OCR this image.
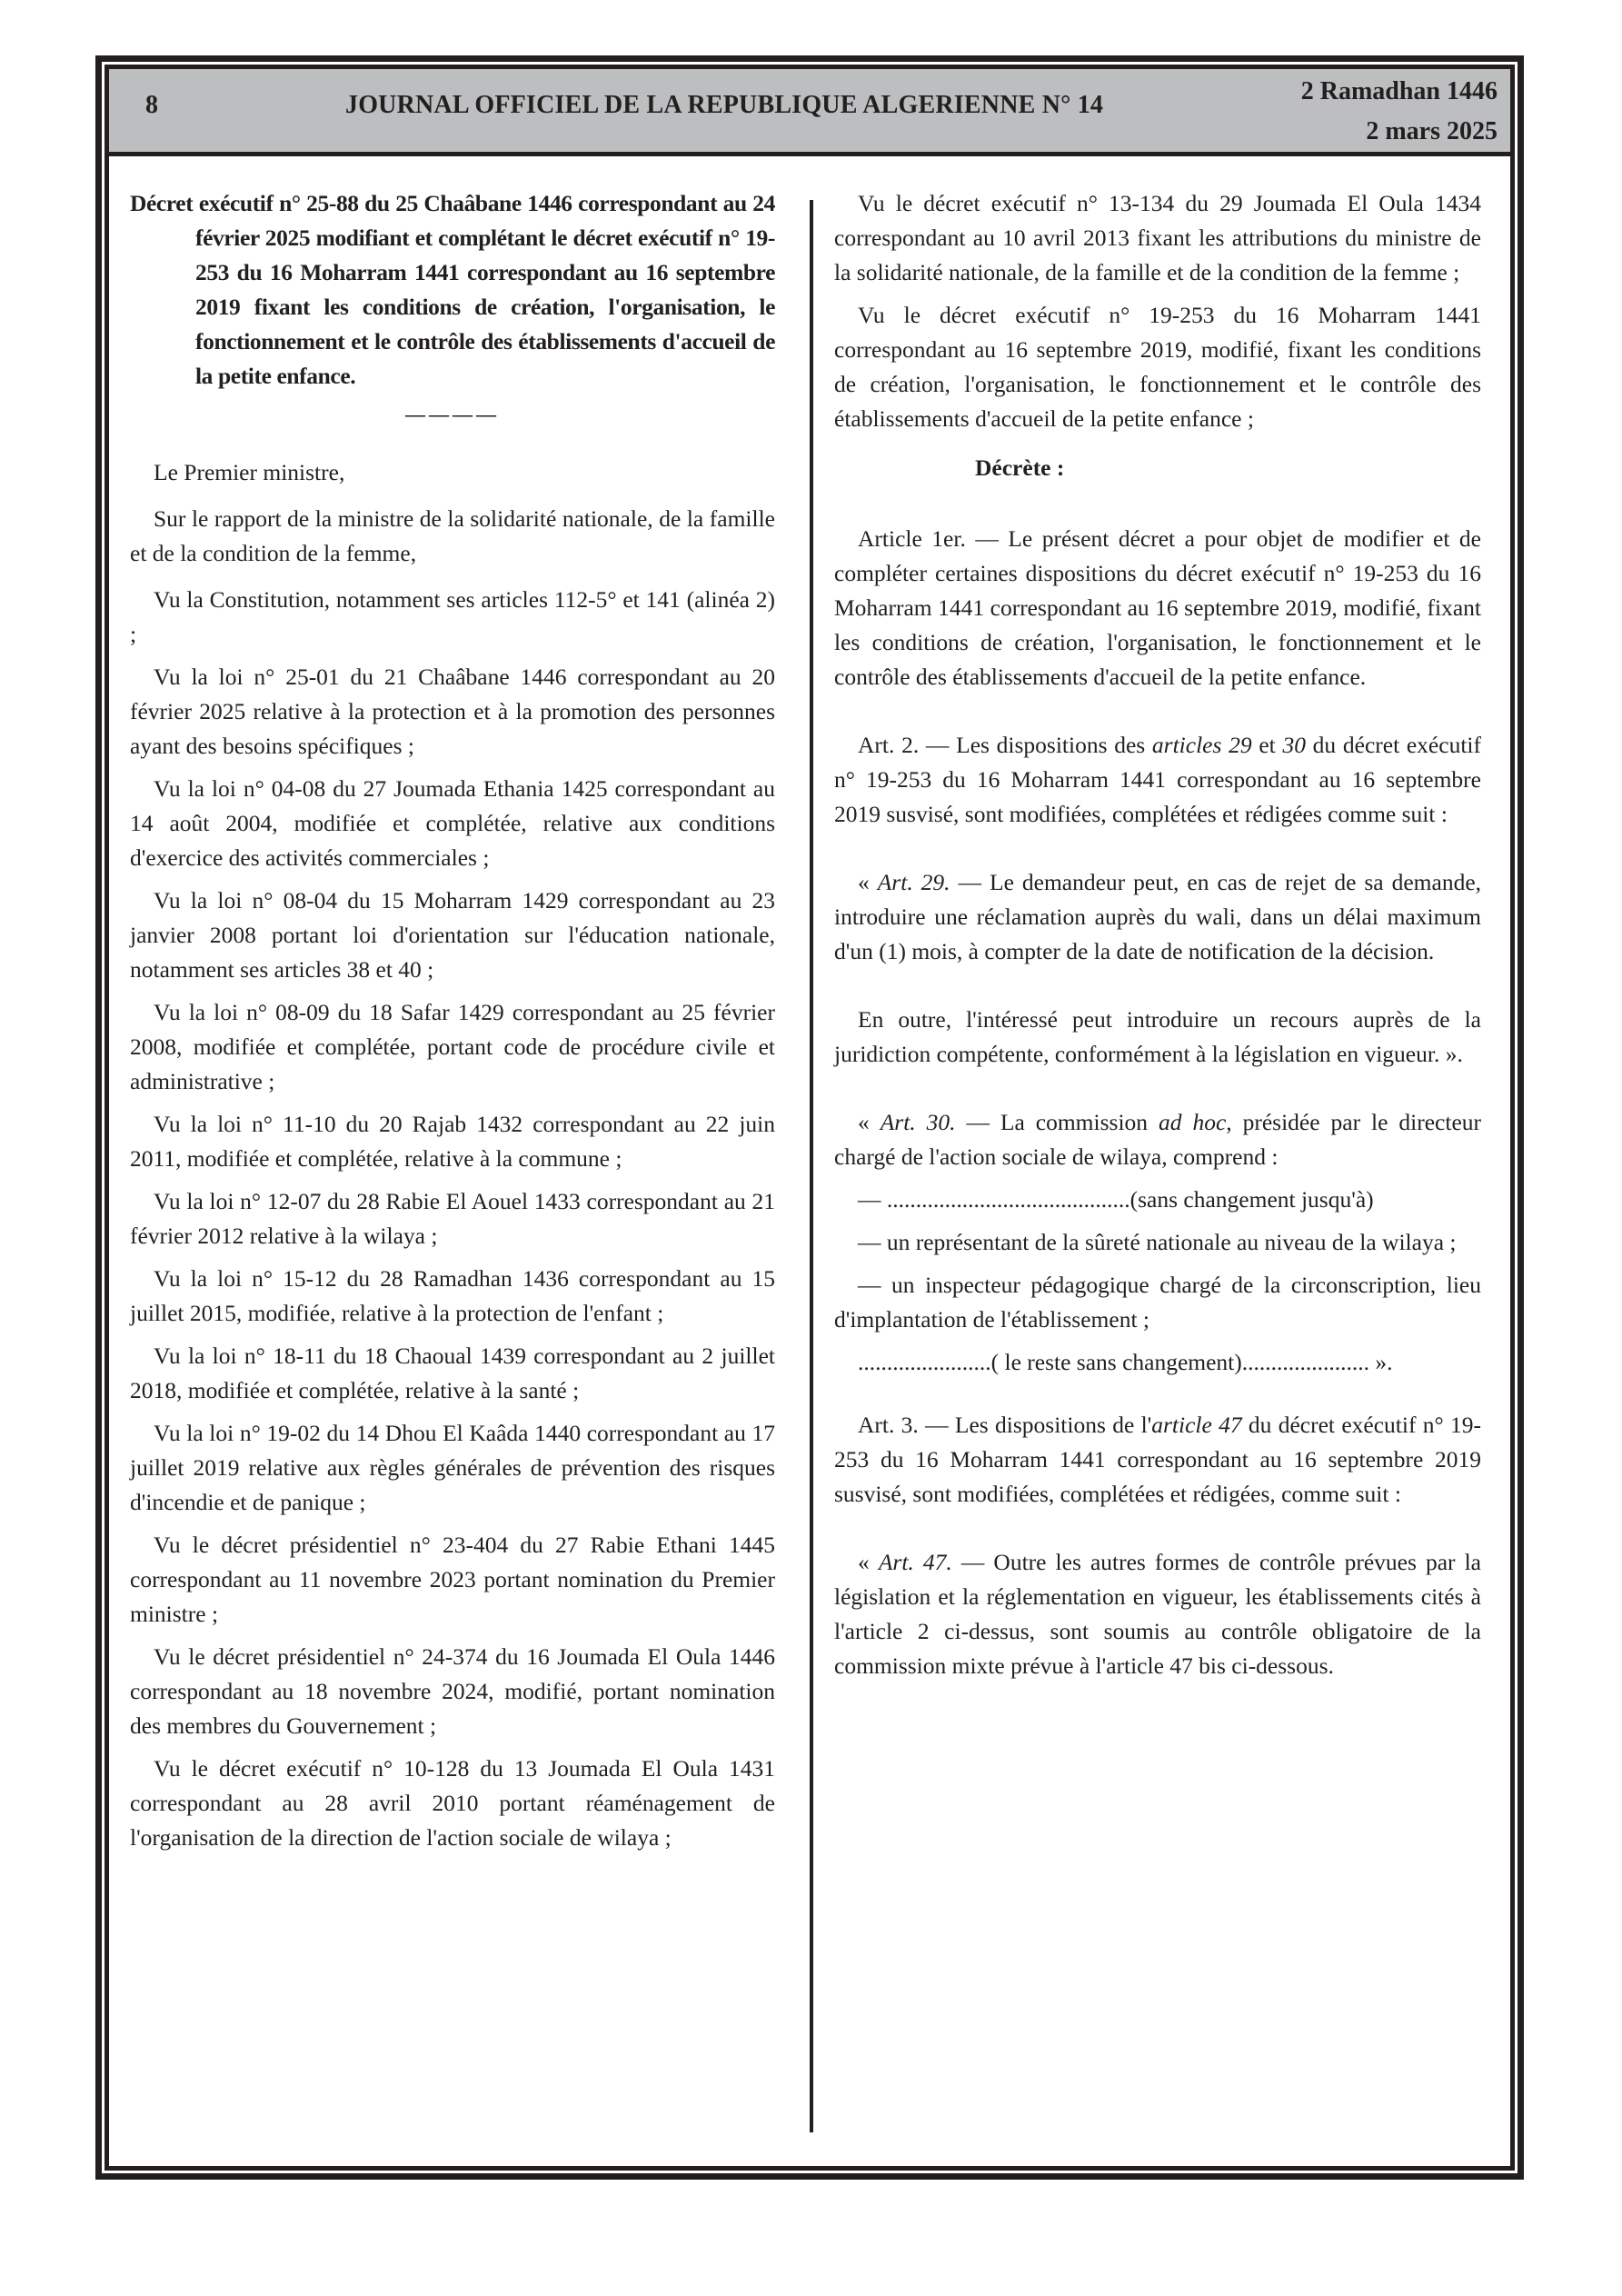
8	JOURNAL OFFICIEL DE LA REPUBLIQUE ALGERIENNE N° 14	2 Ramadhan 1446
2 mars 2025
Décret exécutif n° 25-88 du 25 Chaâbane 1446 correspondant au 24 février 2025 modifiant et complétant le décret exécutif n° 19-253 du 16 Moharram 1441 correspondant au 16 septembre 2019 fixant les conditions de création, l'organisation, le fonctionnement et le contrôle des établissements d'accueil de la petite enfance.
————

Le Premier ministre,

Sur le rapport de la ministre de la solidarité nationale, de la famille et de la condition de la femme,

Vu la Constitution, notamment ses articles 112-5° et 141 (alinéa 2) ;

Vu la loi n° 25-01 du 21 Chaâbane 1446 correspondant au 20 février 2025 relative à la protection et à la promotion des personnes ayant des besoins spécifiques ;

Vu la loi n° 04-08 du 27 Joumada Ethania 1425 correspondant au 14 août 2004, modifiée et complétée, relative aux conditions d'exercice des activités commerciales ;

Vu la loi n° 08-04 du 15 Moharram 1429 correspondant au 23 janvier 2008 portant loi d'orientation sur l'éducation nationale, notamment ses articles 38 et 40 ;

Vu la loi n° 08-09 du 18 Safar 1429 correspondant au 25 février 2008, modifiée et complétée, portant code de procédure civile et administrative ;

Vu la loi n° 11-10 du 20 Rajab 1432 correspondant au 22 juin 2011, modifiée et complétée, relative à la commune ;

Vu la loi n° 12-07 du 28 Rabie El Aouel 1433 correspondant au 21 février 2012 relative à la wilaya ;

Vu la loi n° 15-12 du 28 Ramadhan 1436 correspondant au 15 juillet 2015, modifiée, relative à la protection de l'enfant ;

Vu la loi n° 18-11 du 18 Chaoual 1439 correspondant au 2 juillet 2018, modifiée et complétée, relative à la santé ;

Vu la loi n° 19-02 du 14 Dhou El Kaâda 1440 correspondant au 17 juillet 2019 relative aux règles générales de prévention des risques d'incendie et de panique ;

Vu le décret présidentiel n° 23-404 du 27 Rabie Ethani 1445 correspondant au 11 novembre 2023 portant nomination du Premier ministre ;

Vu le décret présidentiel n° 24-374 du 16 Joumada El Oula 1446 correspondant au 18 novembre 2024, modifié, portant nomination des membres du Gouvernement ;

Vu le décret exécutif n° 10-128 du 13 Joumada El Oula 1431 correspondant au 28 avril 2010 portant réaménagement de l'organisation de la direction de l'action sociale de wilaya ;

Vu le décret exécutif n° 13-134 du 29 Joumada El Oula 1434 correspondant au 10 avril 2013 fixant les attributions du ministre de la solidarité nationale, de la famille et de la condition de la femme ;

Vu le décret exécutif n° 19-253 du 16 Moharram 1441 correspondant au 16 septembre 2019, modifié, fixant les conditions de création, l'organisation, le fonctionnement et le contrôle des établissements d'accueil de la petite enfance ;

Décrète :

Article 1er. — Le présent décret a pour objet de modifier et de compléter certaines dispositions du décret exécutif n° 19-253 du 16 Moharram 1441 correspondant au 16 septembre 2019, modifié, fixant les conditions de création, l'organisation, le fonctionnement et le contrôle des établissements d'accueil de la petite enfance.

Art. 2. — Les dispositions des articles 29 et 30 du décret exécutif n° 19-253 du 16 Moharram 1441 correspondant au 16 septembre 2019 susvisé, sont modifiées, complétées et rédigées comme suit :

« Art. 29. — Le demandeur peut, en cas de rejet de sa demande, introduire une réclamation auprès du wali, dans un délai maximum d'un (1) mois, à compter de la date de notification de la décision.

En outre, l'intéressé peut introduire un recours auprès de la juridiction compétente, conformément à la législation en vigueur. ».

« Art. 30. — La commission ad hoc, présidée par le directeur chargé de l'action sociale de wilaya, comprend :

— ..........................................(sans changement jusqu'à)

— un représentant de la sûreté nationale au niveau de la wilaya ;

— un inspecteur pédagogique chargé de la circonscription, lieu d'implantation de l'établissement ;

.......................( le reste sans changement)...................... ».

Art. 3. — Les dispositions de l'article 47 du décret exécutif n° 19-253 du 16 Moharram 1441 correspondant au 16 septembre 2019 susvisé, sont modifiées, complétées et rédigées, comme suit :

« Art. 47. — Outre les autres formes de contrôle prévues par la législation et la réglementation en vigueur, les établissements cités à l'article 2 ci-dessus, sont soumis au contrôle obligatoire de la commission mixte prévue à l'article 47 bis ci-dessous.
